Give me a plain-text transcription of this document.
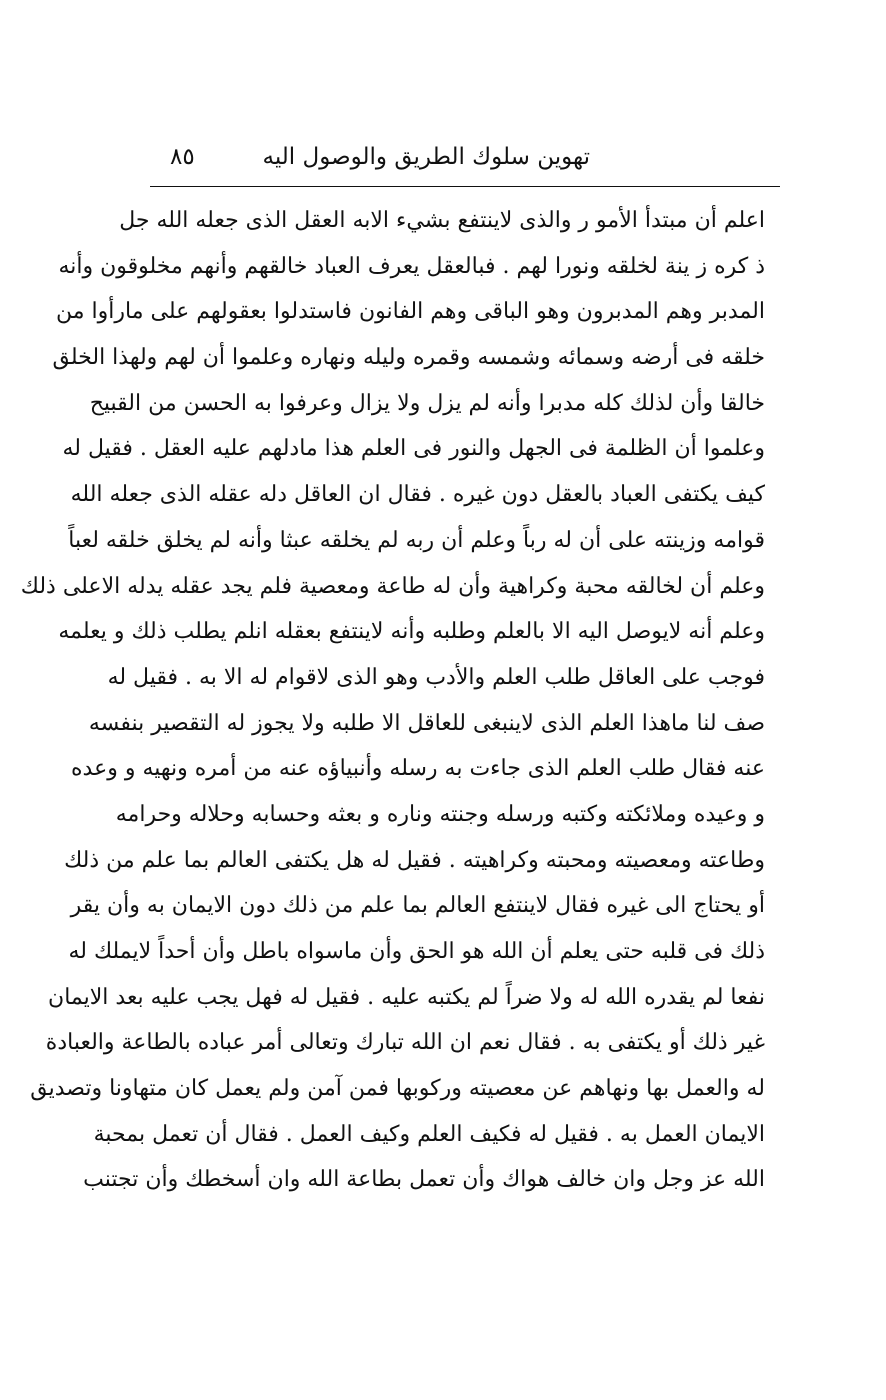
تهوين سلوك الطريق والوصول اليه
٨٥
اعلم أن مبتدأ الأمو ر والذى لاينتفع بشيء الابه العقل الذى جعله الله جل
ذ كره ز ينة لخلقه ونورا لهم . فبالعقل يعرف العباد خالقهم وأنهم مخلوقون وأنه
المدبر وهم المدبرون وهو الباقى وهم الفانون فاستدلوا بعقولهم على مارأوا من
خلقه فى أرضه وسمائه وشمسه وقمره وليله ونهاره وعلموا أن لهم ولهذا الخلق
خالقا وأن لذلك كله مدبرا وأنه لم يزل ولا يزال وعرفوا به الحسن من القبيح
وعلموا أن الظلمة فى الجهل والنور فى العلم هذا مادلهم عليه العقل . فقيل له
كيف يكتفى العباد بالعقل دون غيره . فقال ان العاقل دله عقله الذى جعله الله
قوامه وزينته على أن له رباً وعلم أن ربه لم يخلقه عبثا وأنه لم يخلق خلقه لعباً
وعلم أن لخالقه محبة وكراهية وأن له طاعة ومعصية فلم يجد عقله يدله الاعلى ذلك
وعلم أنه لايوصل اليه الا بالعلم وطلبه وأنه لاينتفع بعقله انلم يطلب ذلك و يعلمه
فوجب على العاقل طلب العلم والأدب وهو الذى لاقوام له الا به . فقيل له
صف لنا ماهذا العلم الذى لاينبغى للعاقل الا طلبه ولا يجوز له التقصير بنفسه
عنه فقال طلب العلم الذى جاءت به رسله وأنبياؤه عنه من أمره ونهيه و وعده
و وعيده وملائكته وكتبه ورسله وجنته وناره و بعثه وحسابه وحلاله وحرامه
وطاعته ومعصيته ومحبته وكراهيته . فقيل له هل يكتفى العالم بما علم من ذلك
أو يحتاج الى غيره فقال لاينتفع العالم بما علم من ذلك دون الايمان به وأن يقر
ذلك فى قلبه حتى يعلم أن الله هو الحق وأن ماسواه باطل وأن أحداً لايملك له
نفعا لم يقدره الله له ولا ضراً لم يكتبه عليه . فقيل له فهل يجب عليه بعد الايمان
غير ذلك أو يكتفى به . فقال نعم ان الله تبارك وتعالى أمر عباده بالطاعة والعبادة
له والعمل بها ونهاهم عن معصيته وركوبها فمن آمن ولم يعمل كان متهاونا وتصديق
الايمان العمل به . فقيل له فكيف العلم وكيف العمل . فقال أن تعمل بمحبة
الله عز وجل وان خالف هواك وأن تعمل بطاعة الله وان أسخطك وأن تجتنب
